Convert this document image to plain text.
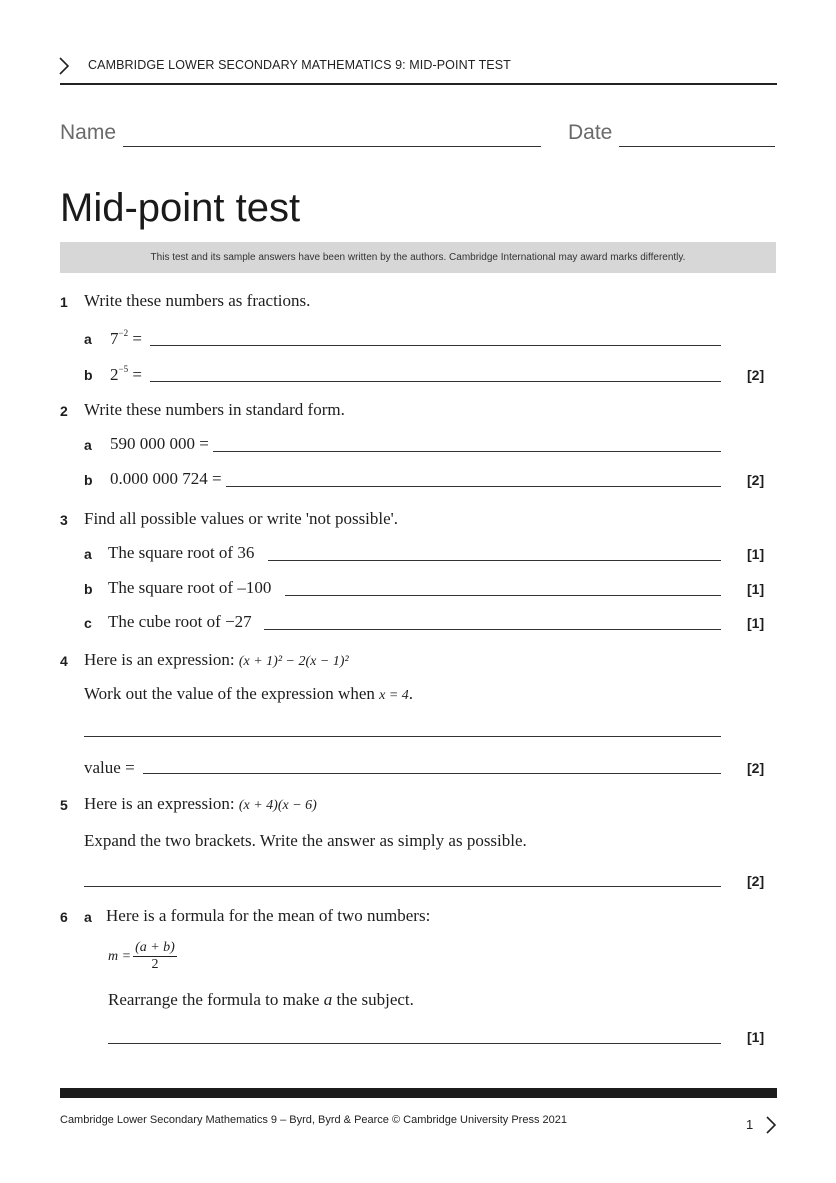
CAMBRIDGE LOWER SECONDARY MATHEMATICS 9: MID-POINT TEST
Name	Date
Mid-point test
This test and its sample answers have been written by the authors. Cambridge International may award marks differently.
1 Write these numbers as fractions.
a $7^{-2}$ =
b $2^{-5}$ =	[2]
2 Write these numbers in standard form.
a 590 000 000 =
b 0.000 000 724 =	[2]
3 Find all possible values or write 'not possible'.
a The square root of 36	[1]
b The square root of –100	[1]
c The cube root of −27	[1]
4 Here is an expression: (x + 1)² − 2(x − 1)²
Work out the value of the expression when x = 4.
value =	[2]
5 Here is an expression: (x + 4)(x − 6)
Expand the two brackets. Write the answer as simply as possible.
[2]
6 a Here is a formula for the mean of two numbers:
$m = \frac{(a + b)}{2}$
Rearrange the formula to make a the subject.
[1]
Cambridge Lower Secondary Mathematics 9 – Byrd, Byrd & Pearce © Cambridge University Press 2021	1
